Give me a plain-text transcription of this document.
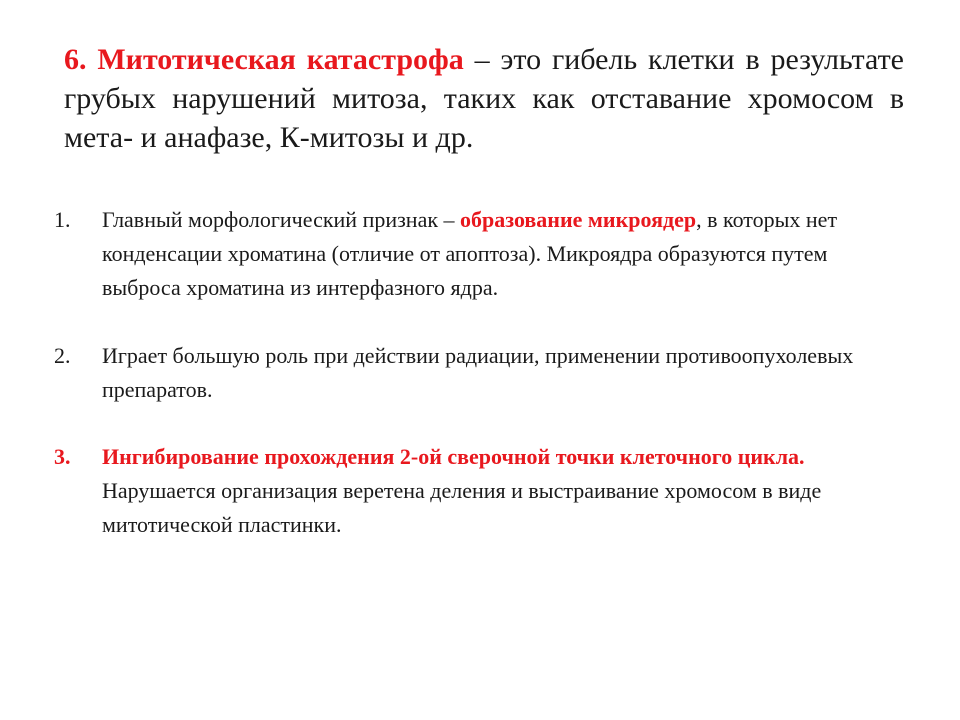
6. Митотическая катастрофа – это гибель клетки в результате грубых нарушений митоза, таких как отставание хромосом в мета- и анафазе, К-митозы и др.

1.	Главный морфологический признак – образование микроядер, в которых нет конденсации хроматина (отличие от апоптоза). Микроядра образуются путем выброса хроматина из интерфазного ядра.
2.	Играет большую роль при действии радиации, применении противоопухолевых препаратов.
3.	Ингибирование прохождения 2-ой сверочной точки клеточного цикла. Нарушается организация веретена деления и выстраивание хромосом в виде митотической пластинки.
